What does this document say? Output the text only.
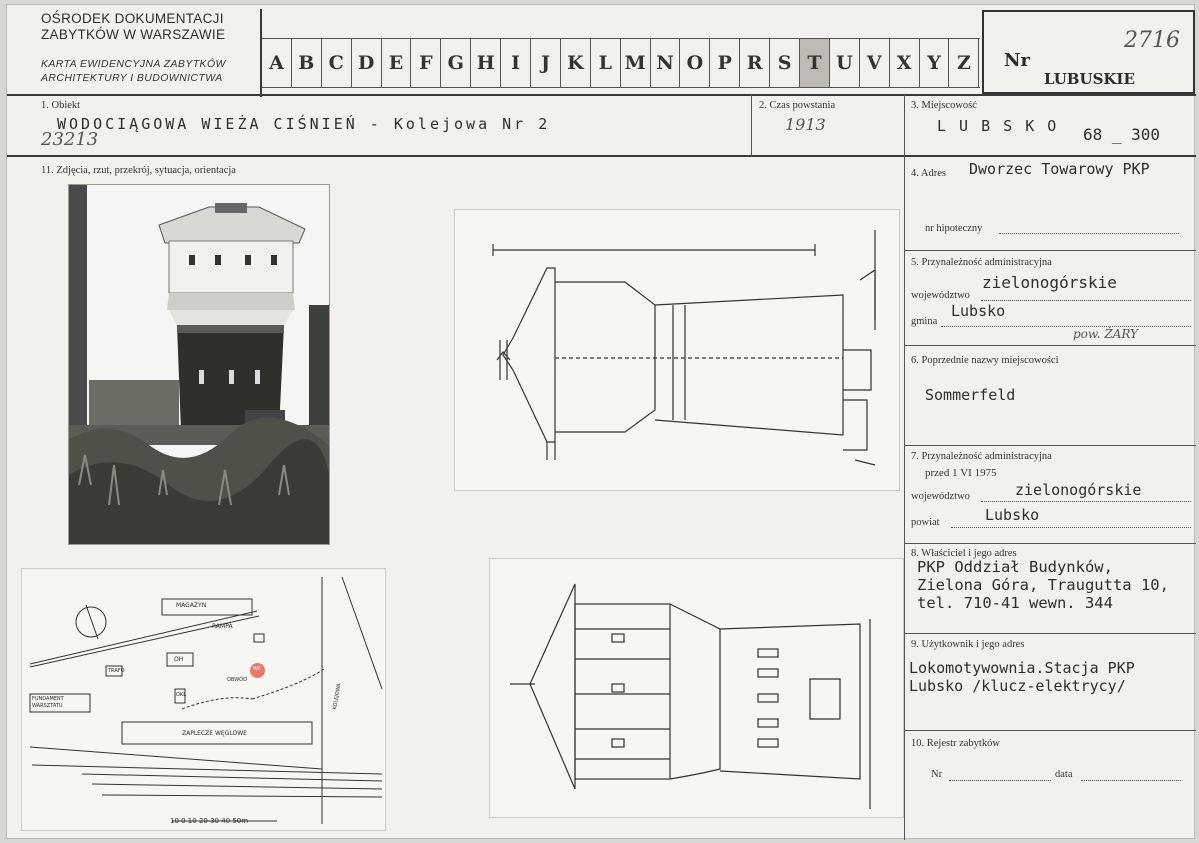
OŚRODEK DOKUMENTACJI
ZABYTKÓW W WARSZAWIE
KARTA EWIDENCYJNA ZABYTKÓW
ARCHITEKTURY I BUDOWNICTWA
A B C D E F G H I	J K L M N O P R S T U V X Y Z	Nr
2716
LUBUSKIE
1. Obiekt
WODOCIĄGOWA WIEŻA CIŚNIEŃ - Kolejowa Nr 2
23213
2. Czas powstania
1913
3. Miejscowość
L U B S K O 68 _ 300
11. Zdjęcia, rzut, przekrój, sytuacja, orientacja
10 0 10 20 30 40 50m
MAGAZYN
RAMPA
TRAFO
OH
OKL
FUNDAMENT WARSZTATU
ZAPLECZE WĘGLOWE
KOLEJOWA
OBWÓD
WC
4. Adres Dworzec Towarowy PKP
nr hipoteczny
5. Przynależność administracyjna
województwo
zielonogórskie
gmina
Lubsko
pow. ŻARY
6. Poprzednie nazwy miejscowości
Sommerfeld
7. Przynależność administracyjna
przed 1 VI 1975
województwo	zielonogórskie
powiat	Lubsko
8. Właściciel i jego adres
PKP Oddział Budynków,
Zielona Góra, Traugutta 10,
tel. 710-41 wewn. 344
9. Użytkownik i jego adres
Lokomotywownia.Stacja PKP
Lubsko /klucz-elektrycy/
10. Rejestr zabytków
Nr	data
